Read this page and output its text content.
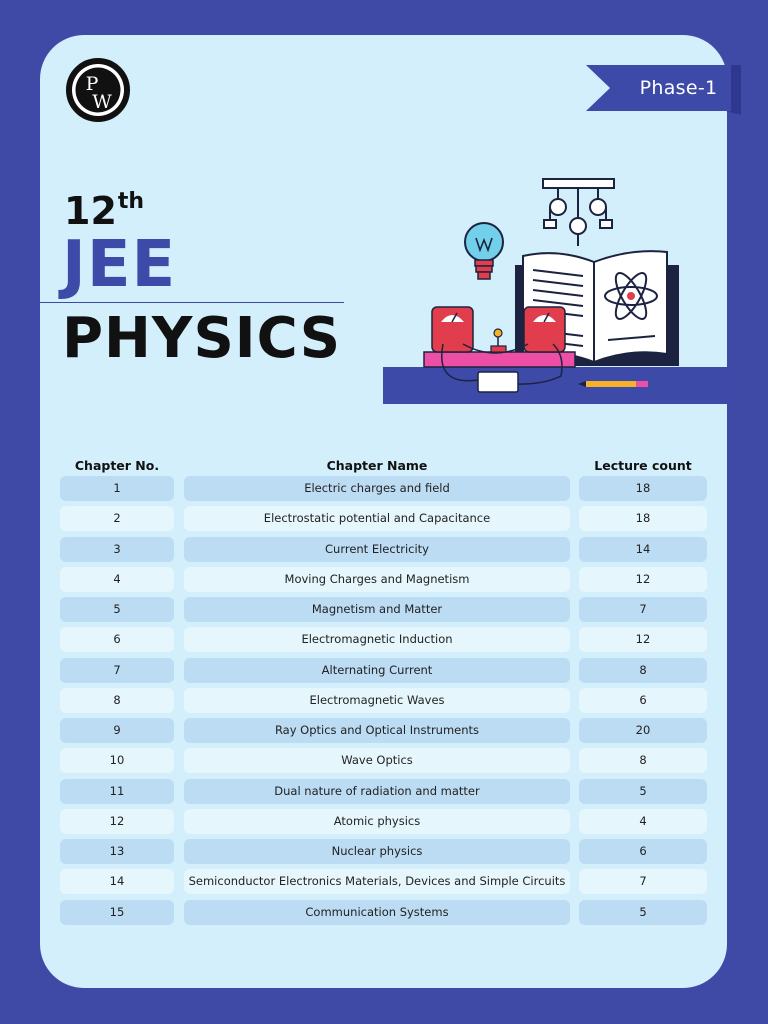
P
W
Phase-1
12th
JEE
PHYSICS
Chapter No.	Chapter Name	Lecture count
1	Electric charges and field	18
2	Electrostatic potential and Capacitance	18
3	Current Electricity	14
4	Moving Charges and Magnetism	12
5	Magnetism and Matter	7
6	Electromagnetic Induction	12
7	Alternating Current	8
8	Electromagnetic Waves	6
9	Ray Optics and Optical Instruments	20
10	Wave Optics	8
11	Dual nature of radiation and matter	5
12	Atomic physics	4
13	Nuclear physics	6
14	Semiconductor Electronics Materials, Devices and Simple Circuits	7
15	Communication Systems	5
